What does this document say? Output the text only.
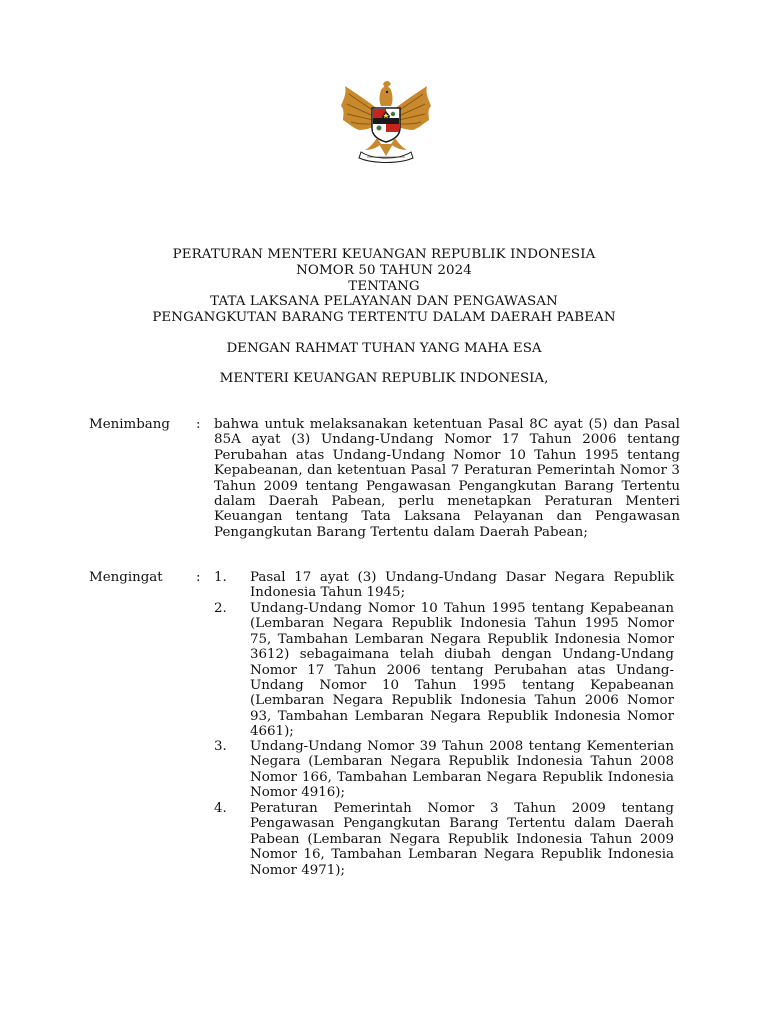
PERATURAN MENTERI KEUANGAN REPUBLIK INDONESIA
NOMOR 50 TAHUN 2024
TENTANG
TATA LAKSANA PELAYANAN DAN PENGAWASAN
PENGANGKUTAN BARANG TERTENTU DALAM DAERAH PABEAN
DENGAN RAHMAT TUHAN YANG MAHA ESA
MENTERI KEUANGAN REPUBLIK INDONESIA,
Menimbang : bahwa untuk melaksanakan ketentuan Pasal 8C ayat (5) dan Pasal 85A ayat (3) Undang-Undang Nomor 17 Tahun 2006 tentang Perubahan atas Undang-Undang Nomor 10 Tahun 1995 tentang Kepabeanan, dan ketentuan Pasal 7 Peraturan Pemerintah Nomor 3 Tahun 2009 tentang Pengawasan Pengangkutan Barang Tertentu dalam Daerah Pabean, perlu menetapkan Peraturan Menteri Keuangan tentang Tata Laksana Pelayanan dan Pengawasan Pengangkutan Barang Tertentu dalam Daerah Pabean;
Mengingat : 1.	Pasal 17 ayat (3) Undang-Undang Dasar Negara Republik Indonesia Tahun 1945;
2.	Undang-Undang Nomor 10 Tahun 1995 tentang Kepabeanan (Lembaran Negara Republik Indonesia Tahun 1995 Nomor 75, Tambahan Lembaran Negara Republik Indonesia Nomor 3612) sebagaimana telah diubah dengan Undang-Undang Nomor 17 Tahun 2006 tentang Perubahan atas Undang-Undang Nomor 10 Tahun 1995 tentang Kepabeanan (Lembaran Negara Republik Indonesia Tahun 2006 Nomor 93, Tambahan Lembaran Negara Republik Indonesia Nomor 4661);
3.	Undang-Undang Nomor 39 Tahun 2008 tentang Kementerian Negara (Lembaran Negara Republik Indonesia Tahun 2008 Nomor 166, Tambahan Lembaran Negara Republik Indonesia Nomor 4916);
4.	Peraturan Pemerintah Nomor 3 Tahun 2009 tentang Pengawasan Pengangkutan Barang Tertentu dalam Daerah Pabean (Lembaran Negara Republik Indonesia Tahun 2009 Nomor 16, Tambahan Lembaran Negara Republik Indonesia Nomor 4971);
